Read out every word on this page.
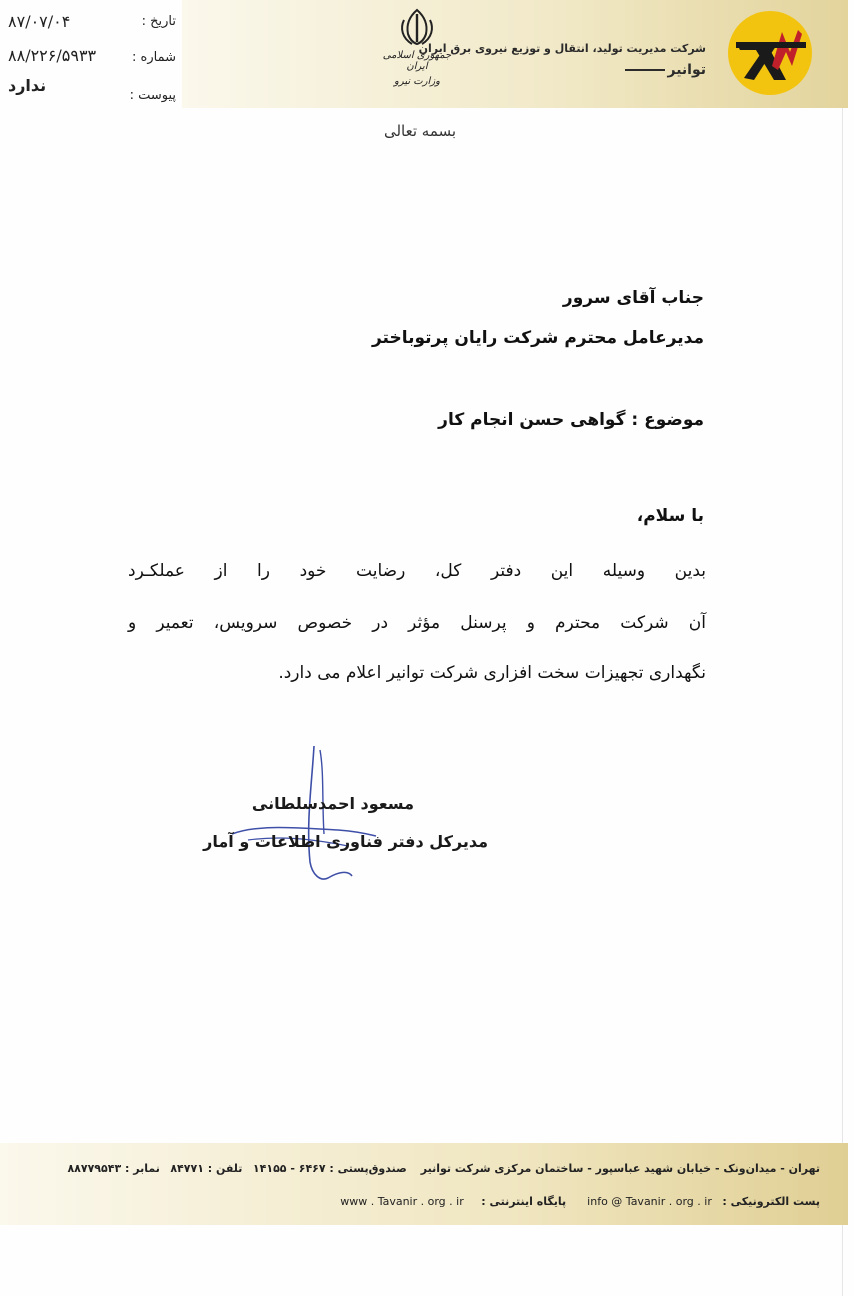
شرکت مدیریت تولید، انتقال و توزیع نیروی برق ایران
توانیر
جمهوری اسلامی ایران
وزارت نیرو
تاریخ :
۸۷/۰۷/۰۴
شماره :
۸۸/۲۲۶/۵۹۳۳
پیوست :
ندارد
بسمه تعالی
جناب آقای سرور
مدیرعامل محترم شرکت رایان پرتوباختر
موضوع : گواهی حسن انجام کار
با سلام،
بدین وسیله این دفتر کل، رضایت خود را از عملکـرد
آن شرکت محترم و پرسنل مؤثر در خصوص سرویس، تعمیر و
نگهداری تجهیزات سخت افزاری شرکت توانیر اعلام می دارد.
مسعود احمدسلطانی
مدیرکل دفتر فناوری اطلاعات و آمار
تهران - میدان‌ونک - خیابان شهید عباسپور - ساختمان مرکزی شرکت توانیر    صندوق‌پستی : ۶۴۶۷ - ۱۴۱۵۵   تلفن : ۸۴۷۷۱   نمابر : ۸۸۷۷۹۵۴۳
پست الکترونیکی :   info @ Tavanir . org . ir      پایگاه اینترنتی :     www . Tavanir . org . ir
